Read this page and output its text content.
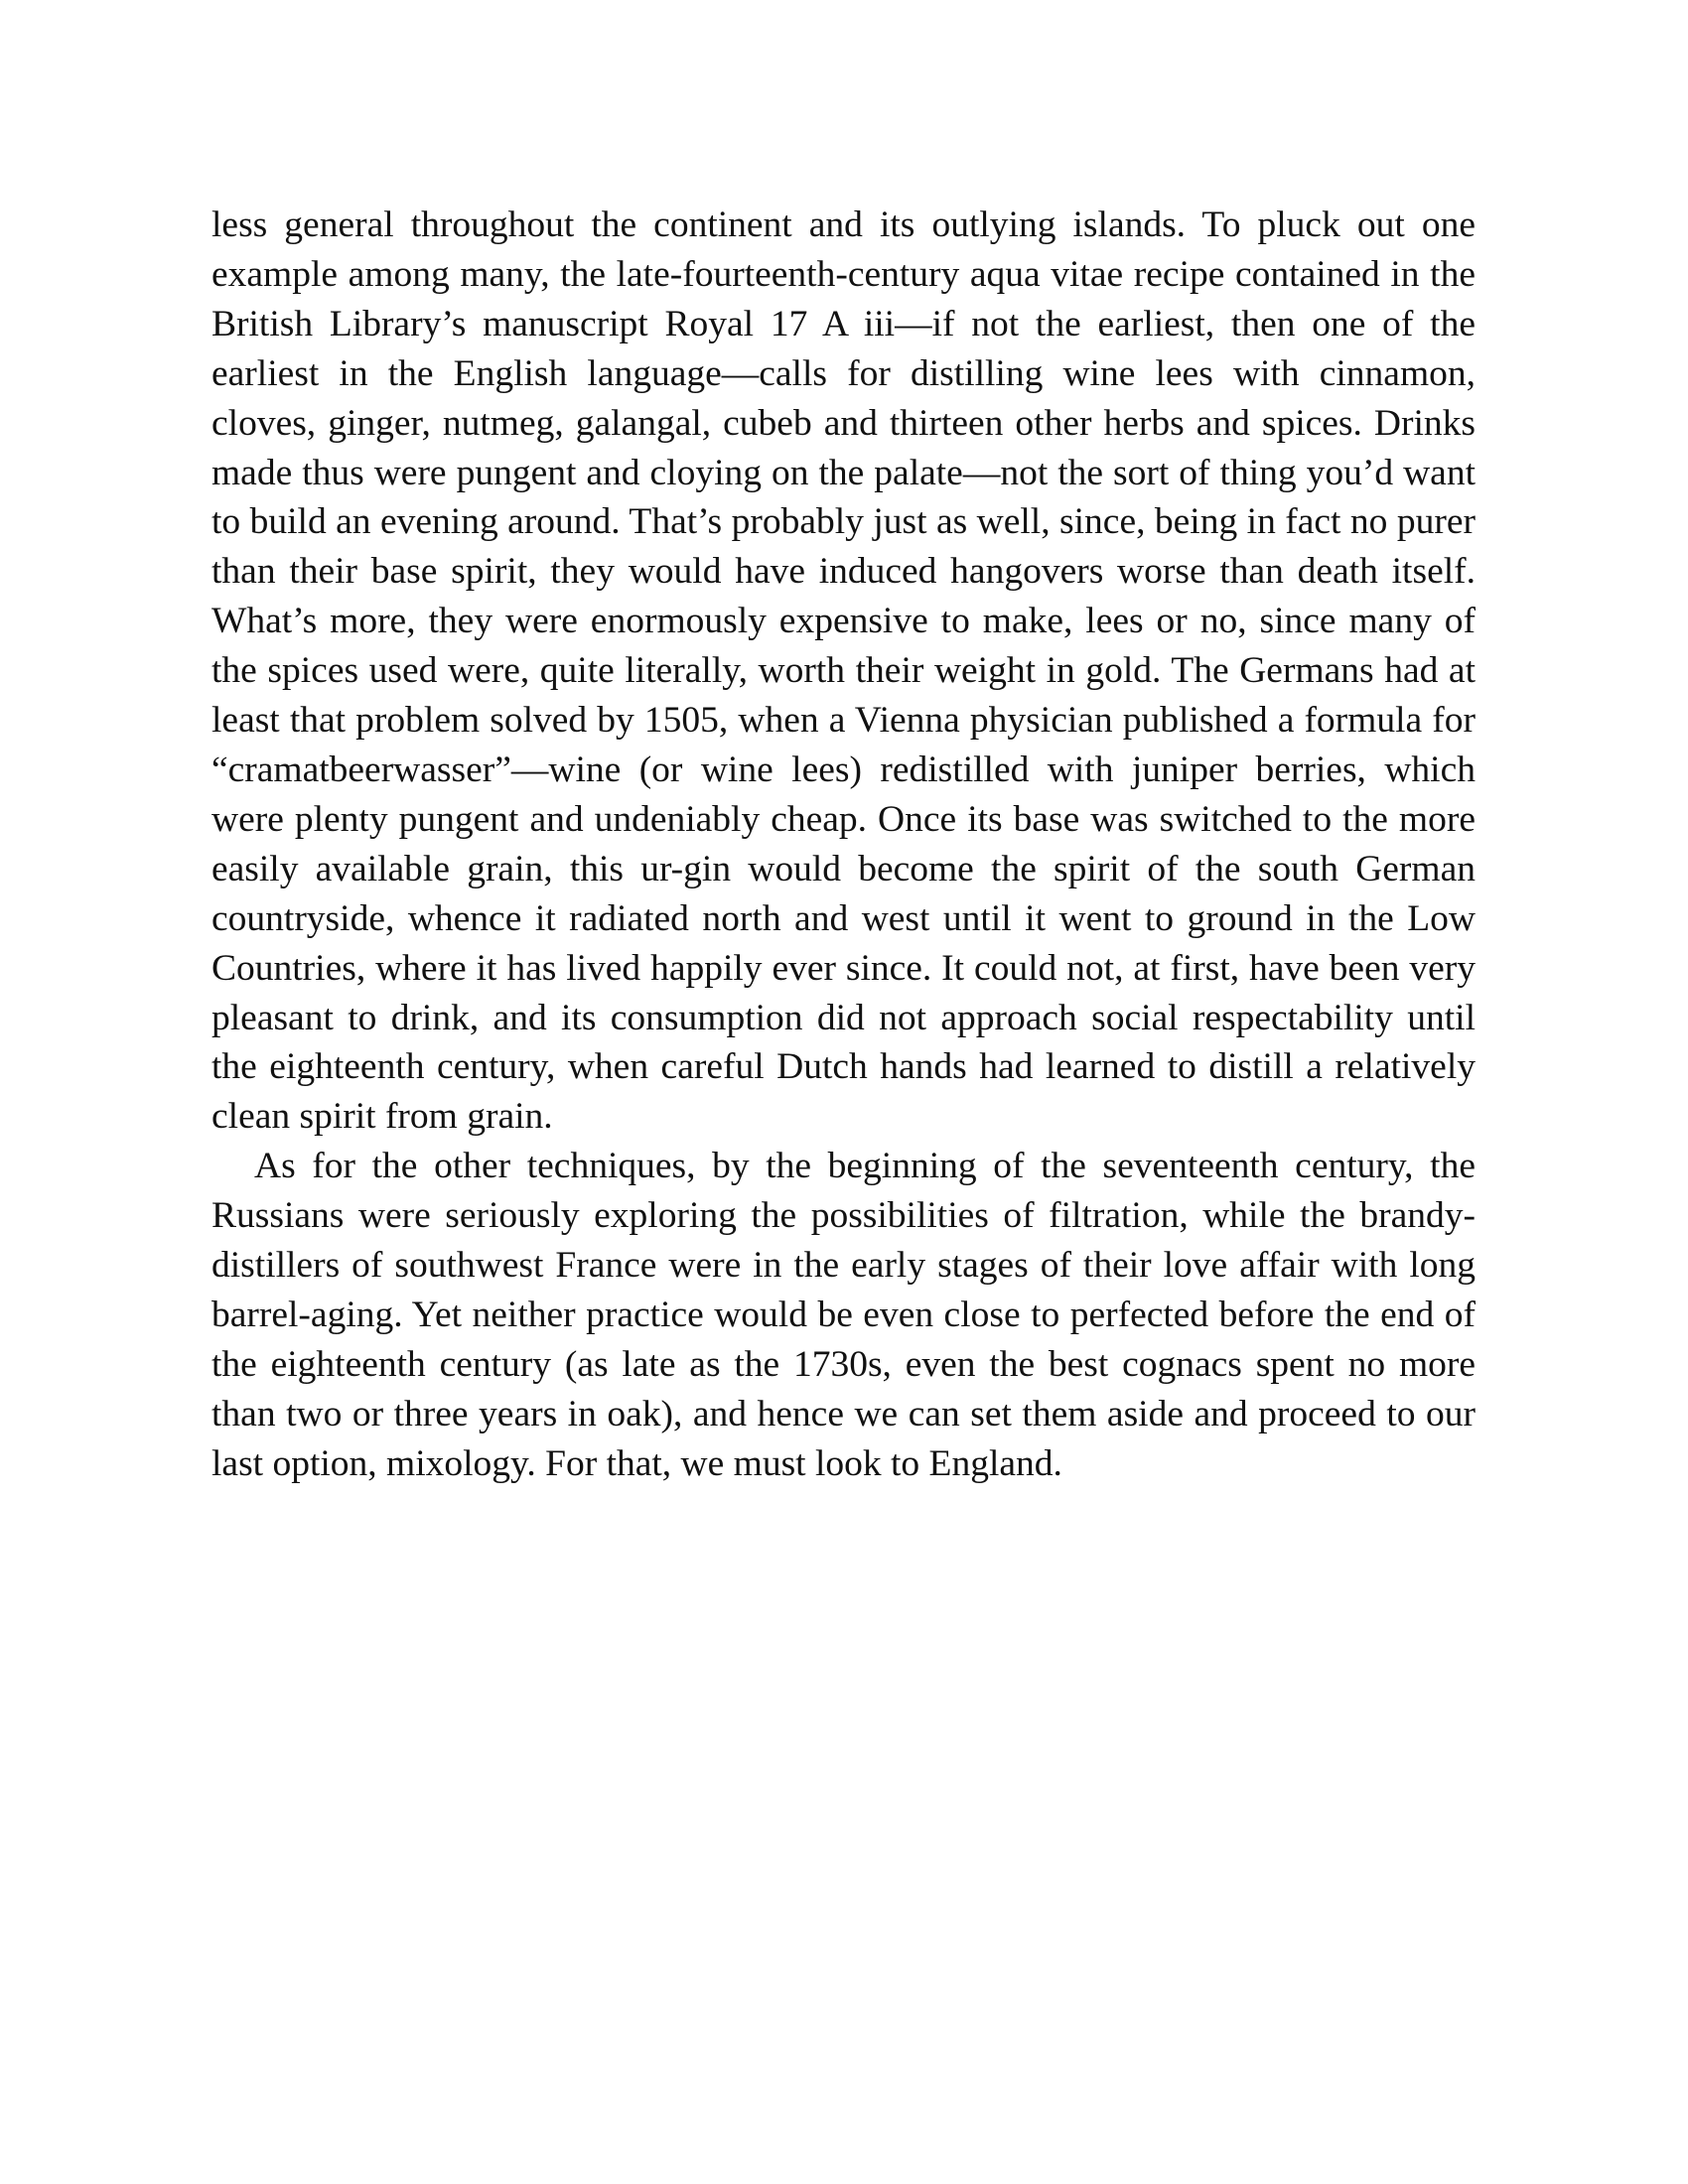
less general throughout the continent and its outlying islands. To pluck out one example among many, the late-fourteenth-century aqua vitae recipe contained in the British Library’s manuscript Royal 17 A iii—if not the earliest, then one of the earliest in the English language—calls for distilling wine lees with cinnamon, cloves, ginger, nutmeg, galangal, cubeb and thirteen other herbs and spices. Drinks made thus were pungent and cloying on the palate—not the sort of thing you’d want to build an evening around. That’s probably just as well, since, being in fact no purer than their base spirit, they would have induced hangovers worse than death itself. What’s more, they were enormously expensive to make, lees or no, since many of the spices used were, quite literally, worth their weight in gold. The Germans had at least that problem solved by 1505, when a Vienna physician published a formula for “cramatbeerwasser”—wine (or wine lees) redistilled with juniper berries, which were plenty pungent and undeniably cheap. Once its base was switched to the more easily available grain, this ur-gin would become the spirit of the south German countryside, whence it radiated north and west until it went to ground in the Low Countries, where it has lived happily ever since. It could not, at first, have been very pleasant to drink, and its consumption did not approach social respectability until the eighteenth century, when careful Dutch hands had learned to distill a relatively clean spirit from grain.

As for the other techniques, by the beginning of the seventeenth century, the Russians were seriously exploring the possibilities of filtration, while the brandy-distillers of southwest France were in the early stages of their love affair with long barrel-aging. Yet neither practice would be even close to perfected before the end of the eighteenth century (as late as the 1730s, even the best cognacs spent no more than two or three years in oak), and hence we can set them aside and proceed to our last option, mixology. For that, we must look to England.
